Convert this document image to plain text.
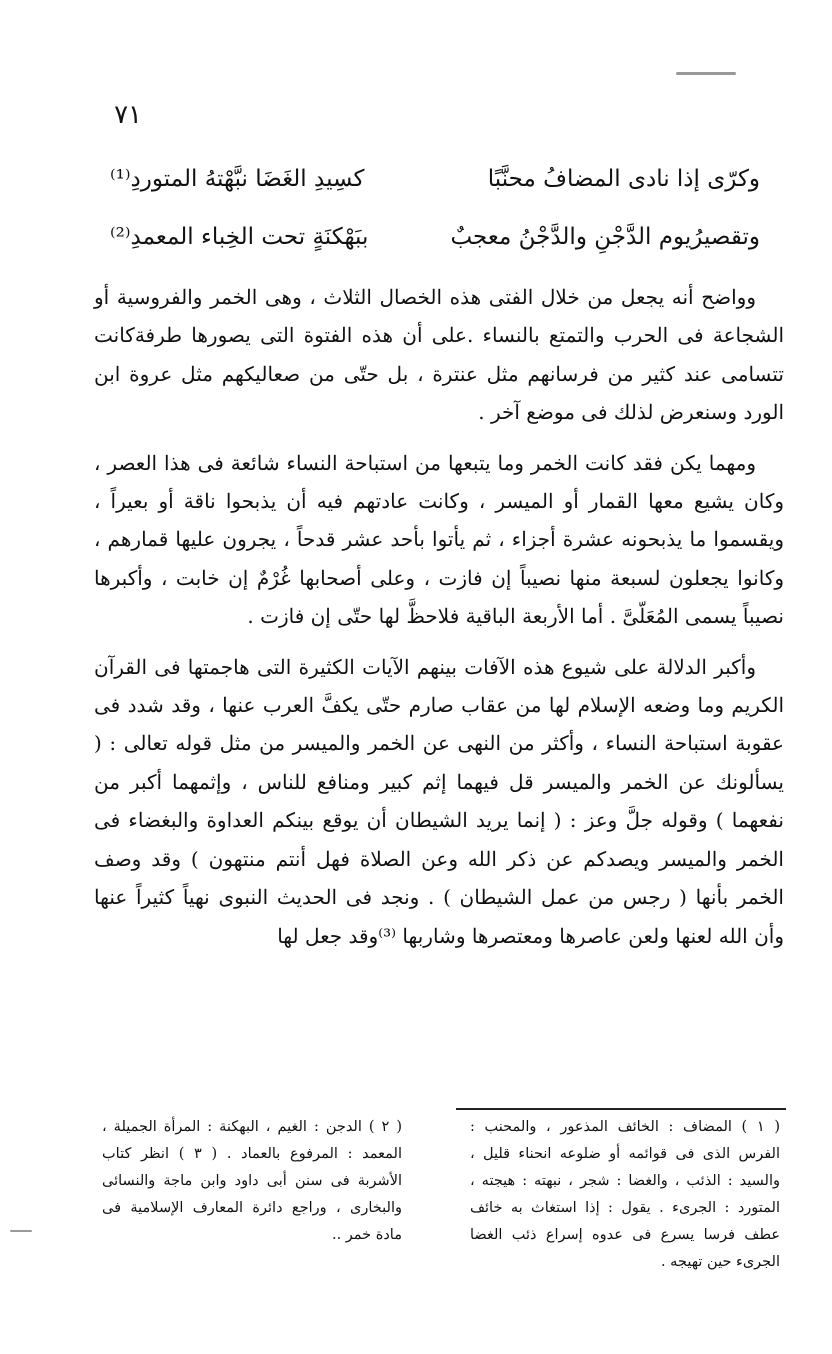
٧١
وكرّى إذا نادى المضافُ محنَّبًا
كسِيدِ الغَضَا نبَّهْتهُ المتوردِ⁽¹⁾
وتقصيرُيوم الدَّجْنِ والدَّجْنُ معجبٌ
ببَهْكنَةٍ تحت الخِباء المعمدِ⁽²⁾

وواضح أنه يجعل من خلال الفتى هذه الخصال الثلاث ، وهى الخمر والفروسية أو الشجاعة فى الحرب والتمتع بالنساء .على أن هذه الفتوة التى يصورها طرفةكانت تتسامى عند كثير من فرسانهم مثل عنترة ، بل حتّى من صعاليكهم مثل عروة ابن الورد وسنعرض لذلك فى موضع آخر .

ومهما يكن فقد كانت الخمر وما يتبعها من استباحة النساء شائعة فى هذا العصر ، وكان يشيع معها القمار أو الميسر ، وكانت عادتهم فيه أن يذبحوا ناقة أو بعيراً ، ويقسموا ما يذبحونه عشرة أجزاء ، ثم يأتوا بأحد عشر قدحاً ، يجرون عليها قمارهم ، وكانوا يجعلون لسبعة منها نصيباً إن فازت ، وعلى أصحابها غُرْمٌ إن خابت ، وأكبرها نصيباً يسمى المُعَلّىَّ . أما الأربعة الباقية فلاحظَّ لها حتّى إن فازت .

وأكبر الدلالة على شيوع هذه الآفات بينهم الآيات الكثيرة التى هاجمتها فى القرآن الكريم وما وضعه الإسلام لها من عقاب صارم حتّى يكفَّ العرب عنها ، وقد شدد فى عقوبة استباحة النساء ، وأكثر من النهى عن الخمر والميسر من مثل قوله تعالى : ( يسألونك عن الخمر والميسر قل فيهما إثم كبير ومنافع للناس ، وإثمهما أكبر من نفعهما ) وقوله جلَّ وعز : ( إنما يريد الشيطان أن يوقع بينكم العداوة والبغضاء فى الخمر والميسر ويصدكم عن ذكر الله وعن الصلاة فهل أنتم منتهون ) وقد وصف الخمر بأنها ( رجس من عمل الشيطان ) . ونجد فى الحديث النبوى نهياً كثيراً عنها وأن الله لعنها ولعن عاصرها ومعتصرها وشاربها ⁽³⁾وقد جعل لها

( ١ ) المضاف : الخائف المذعور ، والمحنب : الفرس الذى فى قوائمه أو ضلوعه انحناء قليل ، والسيد : الذئب ، والغضا : شجر ، نبهته : هيجته ، المتورد : الجرىء . يقول : إذا استغاث به خائف عطف فرسا يسرع فى عدوه إسراع ذئب الغضا الجرىء حين تهيجه .

( ٢ ) الدجن : الغيم ، البهكنة : المرأة الجميلة ، المعمد : المرفوع بالعماد . ( ٣ ) انظر كتاب الأشربة فى سنن أبى داود وابن ماجة والنسائى والبخارى ، وراجع دائرة المعارف الإسلامية فى مادة خمر ..
